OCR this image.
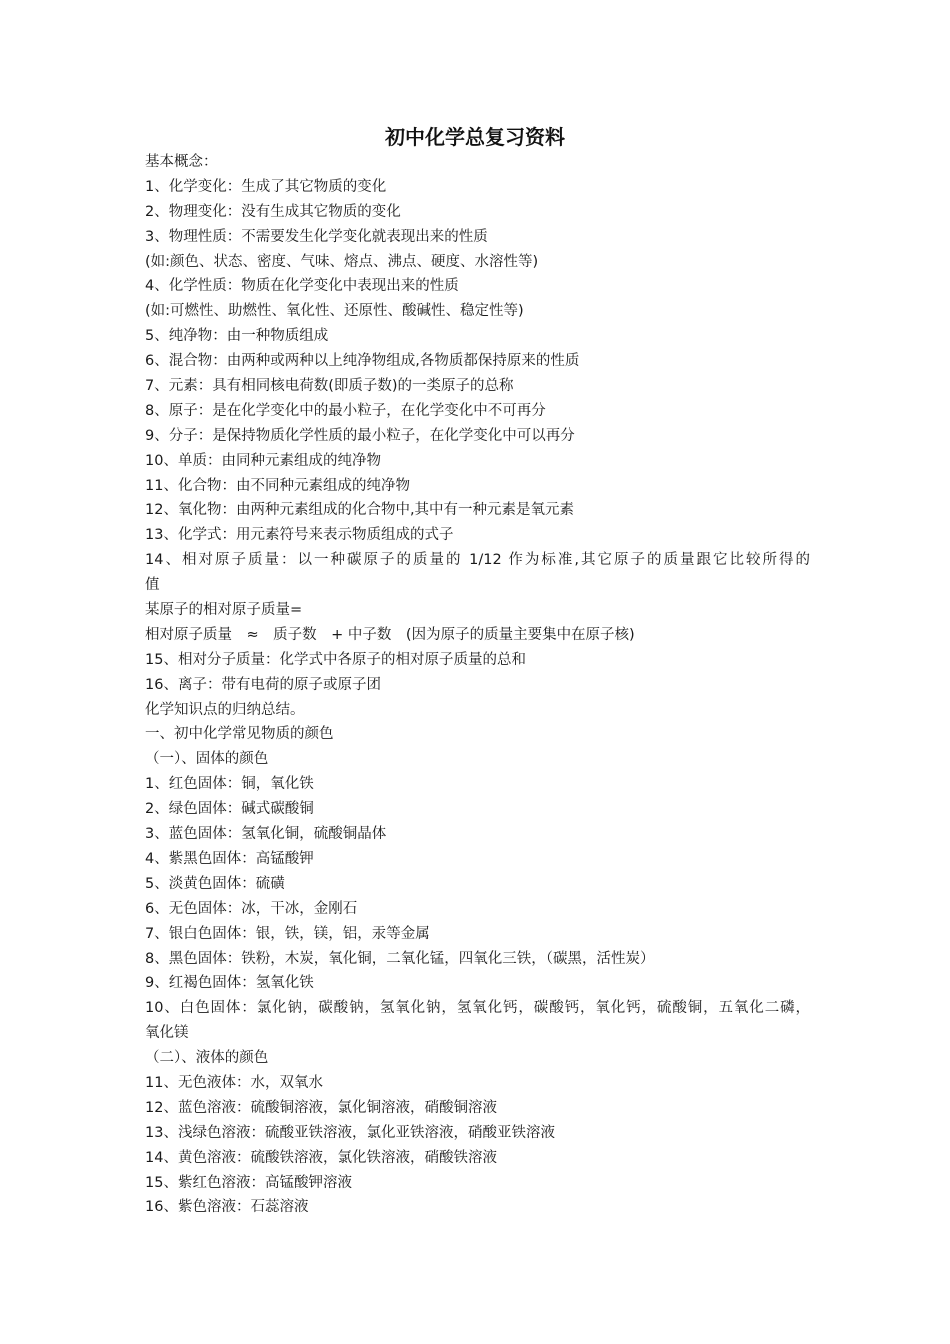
初中化学总复习资料
基本概念：
1、化学变化：生成了其它物质的变化
2、物理变化：没有生成其它物质的变化
3、物理性质：不需要发生化学变化就表现出来的性质
(如:颜色、状态、密度、气味、熔点、沸点、硬度、水溶性等)
4、化学性质：物质在化学变化中表现出来的性质
(如:可燃性、助燃性、氧化性、还原性、酸碱性、稳定性等)
5、纯净物：由一种物质组成
6、混合物：由两种或两种以上纯净物组成,各物质都保持原来的性质
7、元素：具有相同核电荷数(即质子数)的一类原子的总称
8、原子：是在化学变化中的最小粒子，在化学变化中不可再分
9、分子：是保持物质化学性质的最小粒子，在化学变化中可以再分
10、单质：由同种元素组成的纯净物
11、化合物：由不同种元素组成的纯净物
12、氧化物：由两种元素组成的化合物中,其中有一种元素是氧元素
13、化学式：用元素符号来表示物质组成的式子
14、相对原子质量：以一种碳原子的质量的 1/12 作为标准,其它原子的质量跟它比较所得的
值
某原子的相对原子质量=
相对原子质量　≈　质子数　+ 中子数　(因为原子的质量主要集中在原子核)
15、相对分子质量：化学式中各原子的相对原子质量的总和
16、离子：带有电荷的原子或原子团
化学知识点的归纳总结。
一、初中化学常见物质的颜色
（一）、固体的颜色
1、红色固体：铜，氧化铁
2、绿色固体：碱式碳酸铜
3、蓝色固体：氢氧化铜，硫酸铜晶体
4、紫黑色固体：高锰酸钾
5、淡黄色固体：硫磺
6、无色固体：冰，干冰，金刚石
7、银白色固体：银，铁，镁，铝，汞等金属
8、黑色固体：铁粉，木炭，氧化铜，二氧化锰，四氧化三铁，（碳黑，活性炭）
9、红褐色固体：氢氧化铁
10、白色固体：氯化钠，碳酸钠，氢氧化钠，氢氧化钙，碳酸钙，氧化钙，硫酸铜，五氧化二磷，
氧化镁
（二）、液体的颜色
11、无色液体：水，双氧水
12、蓝色溶液：硫酸铜溶液，氯化铜溶液，硝酸铜溶液
13、浅绿色溶液：硫酸亚铁溶液，氯化亚铁溶液，硝酸亚铁溶液
14、黄色溶液：硫酸铁溶液，氯化铁溶液，硝酸铁溶液
15、紫红色溶液：高锰酸钾溶液
16、紫色溶液：石蕊溶液
